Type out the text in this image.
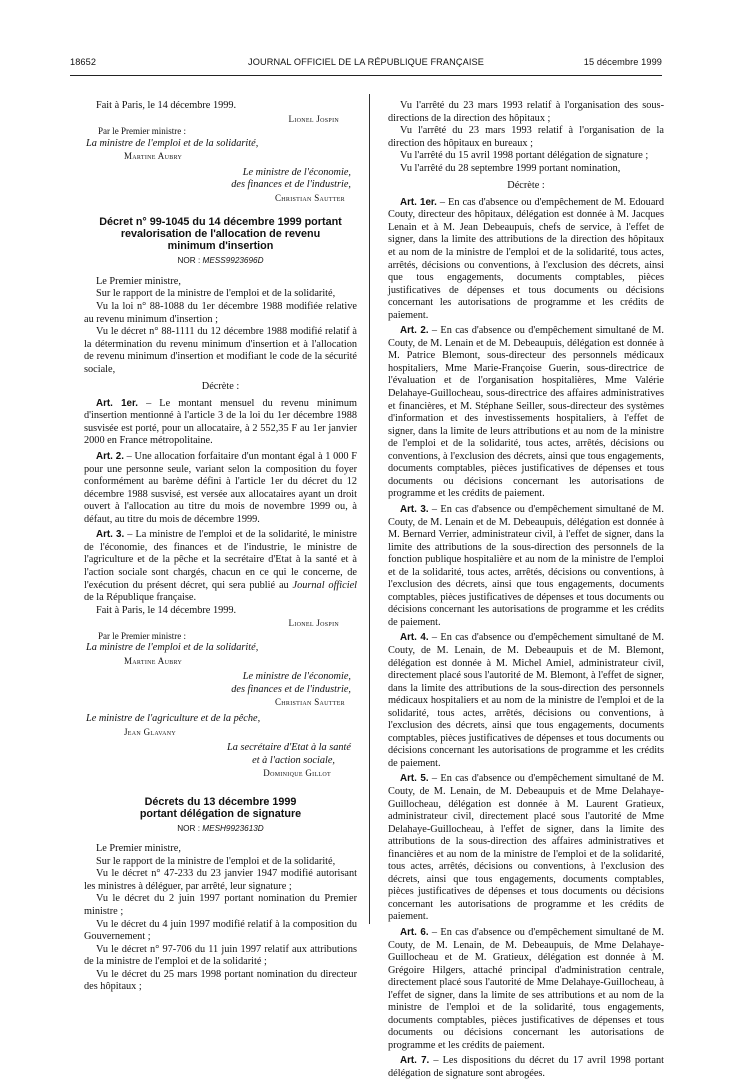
18652	JOURNAL OFFICIEL DE LA RÉPUBLIQUE FRANÇAISE	15 décembre 1999

Fait à Paris, le 14 décembre 1999.

Lionel Jospin
Par le Premier ministre :
La ministre de l'emploi et de la solidarité,
Martine Aubry
Le ministre de l'économie,
des finances et de l'industrie,
Christian Sautter
Décret n° 99-1045 du 14 décembre 1999 portant
revalorisation de l'allocation de revenu
minimum d'insertion
NOR : MESS9923696D

Le Premier ministre,

Sur le rapport de la ministre de l'emploi et de la solidarité,

Vu la loi n° 88-1088 du 1er décembre 1988 modifiée relative au revenu minimum d'insertion ;

Vu le décret n° 88-1111 du 12 décembre 1988 modifié relatif à la détermination du revenu minimum d'insertion et à l'allocation de revenu minimum d'insertion et modifiant le code de la sécurité sociale,

Décrète :

Art. 1er. – Le montant mensuel du revenu minimum d'insertion mentionné à l'article 3 de la loi du 1er décembre 1988 susvisée est porté, pour un allocataire, à 2 552,35 F au 1er janvier 2000 en France métropolitaine.

Art. 2. – Une allocation forfaitaire d'un montant égal à 1 000 F pour une personne seule, variant selon la composition du foyer conformément au barème défini à l'article 1er du décret du 12 décembre 1988 susvisé, est versée aux allocataires ayant un droit ouvert à l'allocation au titre du mois de novembre 1999 ou, à défaut, au titre du mois de décembre 1999.

Art. 3. – La ministre de l'emploi et de la solidarité, le ministre de l'économie, des finances et de l'industrie, le ministre de l'agriculture et de la pêche et la secrétaire d'Etat à la santé et à l'action sociale sont chargés, chacun en ce qui le concerne, de l'exécution du présent décret, qui sera publié au Journal officiel de la République française.

Fait à Paris, le 14 décembre 1999.

Lionel Jospin
Par le Premier ministre :
La ministre de l'emploi et de la solidarité,
Martine Aubry
Le ministre de l'économie,
des finances et de l'industrie,
Christian Sautter
Le ministre de l'agriculture et de la pêche,
Jean Glavany
La secrétaire d'Etat à la santé
et à l'action sociale,
Dominique Gillot
Décrets du 13 décembre 1999
portant délégation de signature
NOR : MESH9923613D

Le Premier ministre,

Sur le rapport de la ministre de l'emploi et de la solidarité,

Vu le décret n° 47-233 du 23 janvier 1947 modifié autorisant les ministres à déléguer, par arrêté, leur signature ;

Vu le décret du 2 juin 1997 portant nomination du Premier ministre ;

Vu le décret du 4 juin 1997 modifié relatif à la composition du Gouvernement ;

Vu le décret n° 97-706 du 11 juin 1997 relatif aux attributions de la ministre de l'emploi et de la solidarité ;

Vu le décret du 25 mars 1998 portant nomination du directeur des hôpitaux ;

Vu l'arrêté du 23 mars 1993 relatif à l'organisation des sous-directions de la direction des hôpitaux ;

Vu l'arrêté du 23 mars 1993 relatif à l'organisation de la direction des hôpitaux en bureaux ;

Vu l'arrêté du 15 avril 1998 portant délégation de signature ;

Vu l'arrêté du 28 septembre 1999 portant nomination,

Décrète :

Art. 1er. – En cas d'absence ou d'empêchement de M. Edouard Couty, directeur des hôpitaux, délégation est donnée à M. Jacques Lenain et à M. Jean Debeaupuis, chefs de service, à l'effet de signer, dans la limite des attributions de la direction des hôpitaux et au nom de la ministre de l'emploi et de la solidarité, tous actes, arrêtés, décisions ou conventions, à l'exclusion des décrets, ainsi que tous engagements, documents comptables, pièces justificatives de dépenses et tous documents ou décisions concernant les autorisations de programme et les crédits de paiement.

Art. 2. – En cas d'absence ou d'empêchement simultané de M. Couty, de M. Lenain et de M. Debeaupuis, délégation est donnée à M. Patrice Blemont, sous-directeur des personnels médicaux hospitaliers, Mme Marie-Françoise Guerin, sous-directrice de l'évaluation et de l'organisation hospitalières, Mme Valérie Delahaye-Guillocheau, sous-directrice des affaires administratives et financières, et M. Stéphane Seiller, sous-directeur des systèmes d'information et des investissements hospitaliers, à l'effet de signer, dans la limite de leurs attributions et au nom de la ministre de l'emploi et de la solidarité, tous actes, arrêtés, décisions ou conventions, à l'exclusion des décrets, ainsi que tous engagements, documents comptables, pièces justificatives de dépenses et tous documents ou décisions concernant les autorisations de programme et les crédits de paiement.

Art. 3. – En cas d'absence ou d'empêchement simultané de M. Couty, de M. Lenain et de M. Debeaupuis, délégation est donnée à M. Bernard Verrier, administrateur civil, à l'effet de signer, dans la limite des attributions de la sous-direction des personnels de la fonction publique hospitalière et au nom de la ministre de l'emploi et de la solidarité, tous actes, arrêtés, décisions ou conventions, à l'exclusion des décrets, ainsi que tous engagements, documents comptables, pièces justificatives de dépenses et tous documents ou décisions concernant les autorisations de programme et les crédits de paiement.

Art. 4. – En cas d'absence ou d'empêchement simultané de M. Couty, de M. Lenain, de M. Debeaupuis et de M. Blemont, délégation est donnée à M. Michel Amiel, administrateur civil, directement placé sous l'autorité de M. Blemont, à l'effet de signer, dans la limite des attributions de la sous-direction des personnels médicaux hospitaliers et au nom de la ministre de l'emploi et de la solidarité, tous actes, arrêtés, décisions ou conventions, à l'exclusion des décrets, ainsi que tous engagements, documents comptables, pièces justificatives de dépenses et tous documents ou décisions concernant les autorisations de programme et les crédits de paiement.

Art. 5. – En cas d'absence ou d'empêchement simultané de M. Couty, de M. Lenain, de M. Debeaupuis et de Mme Delahaye-Guillocheau, délégation est donnée à M. Laurent Gratieux, administrateur civil, directement placé sous l'autorité de Mme Delahaye-Guillocheau, à l'effet de signer, dans la limite des attributions de la sous-direction des affaires administratives et financières et au nom de la ministre de l'emploi et de la solidarité, tous actes, arrêtés, décisions ou conventions, à l'exclusion des décrets, ainsi que tous engagements, documents comptables, pièces justificatives de dépenses et tous documents ou décisions concernant les autorisations de programme et les crédits de paiement.

Art. 6. – En cas d'absence ou d'empêchement simultané de M. Couty, de M. Lenain, de M. Debeaupuis, de Mme Delahaye-Guillocheau et de M. Gratieux, délégation est donnée à M. Grégoire Hilgers, attaché principal d'administration centrale, directement placé sous l'autorité de Mme Delahaye-Guillocheau, à l'effet de signer, dans la limite de ses attributions et au nom de la ministre de l'emploi et de la solidarité, tous engagements, documents comptables, pièces justificatives de dépenses et tous documents ou décisions concernant les autorisations de programme et les crédits de paiement.

Art. 7. – Les dispositions du décret du 17 avril 1998 portant délégation de signature sont abrogées.
